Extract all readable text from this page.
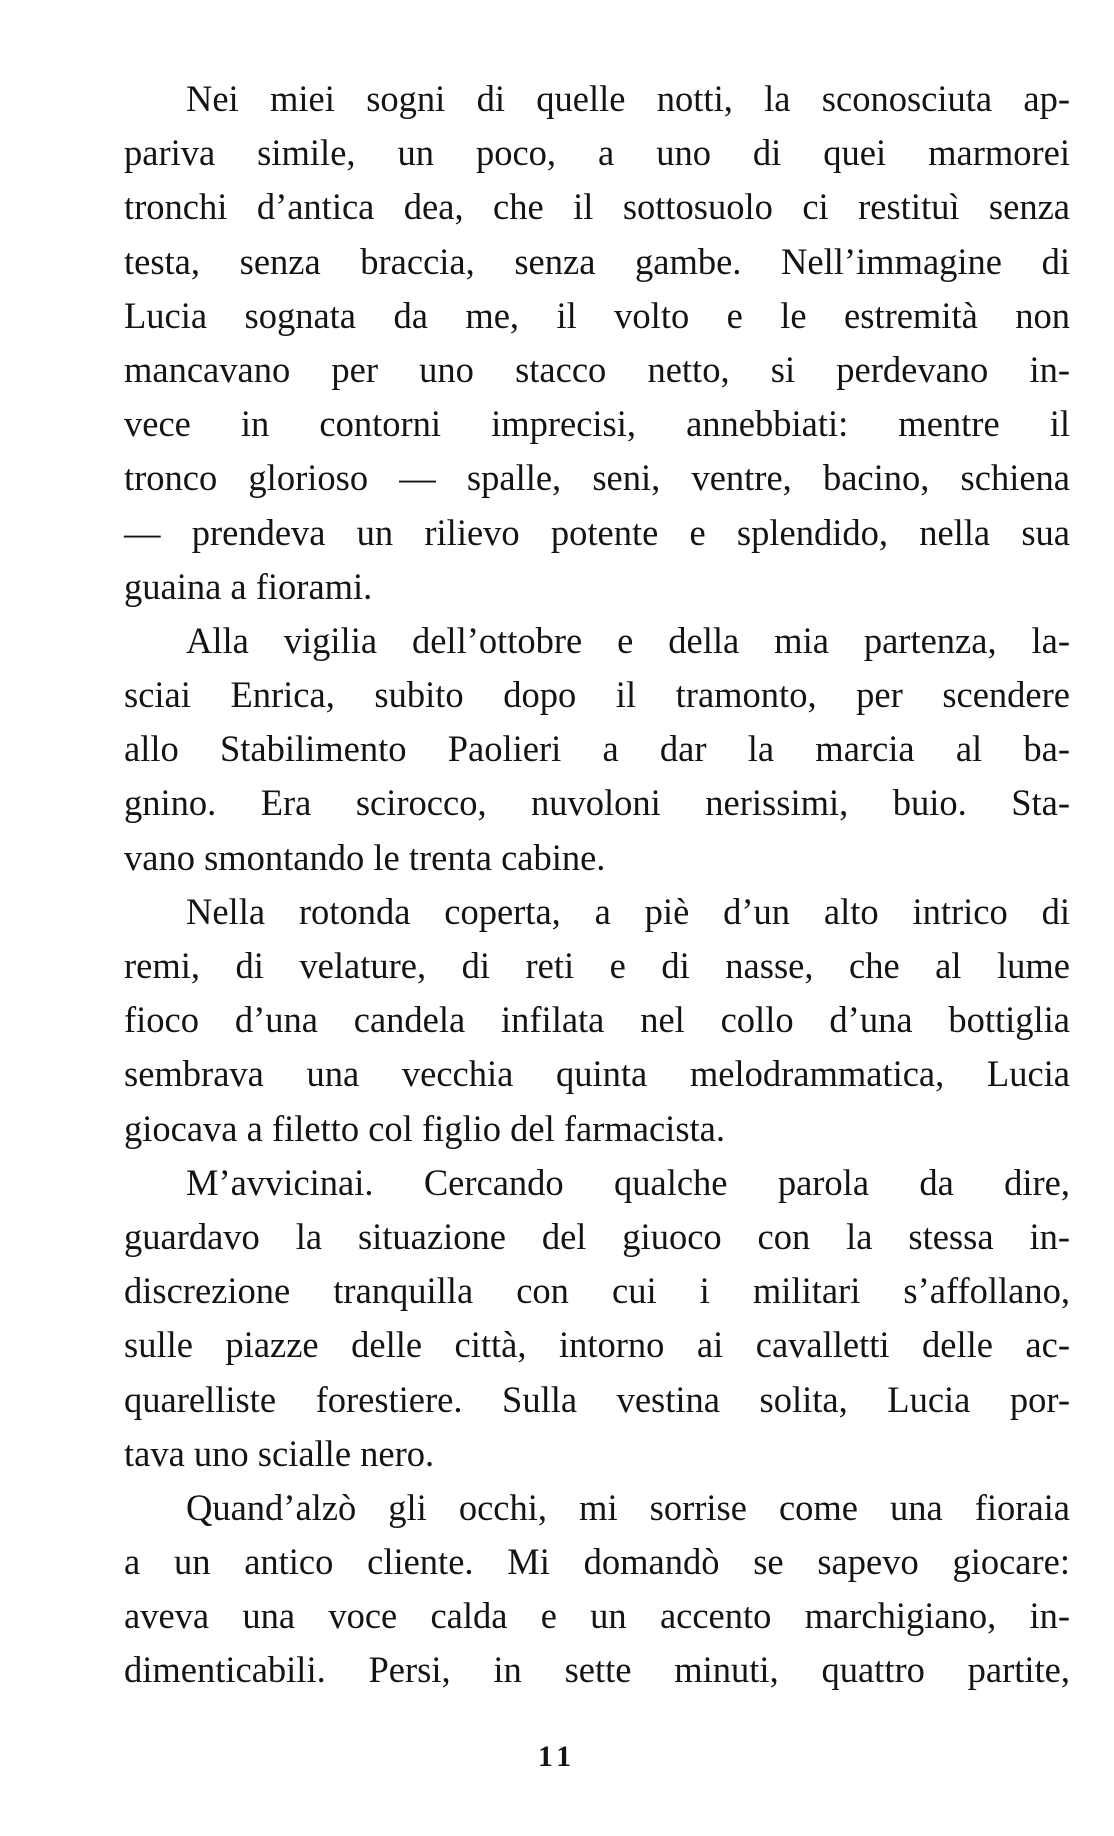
Nei miei sogni di quelle notti, la sconosciuta ap-
pariva simile, un poco, a uno di quei marmorei
tronchi d’antica dea, che il sottosuolo ci restituì senza
testa, senza braccia, senza gambe. Nell’immagine di
Lucia sognata da me, il volto e le estremità non
mancavano per uno stacco netto, si perdevano in-
vece in contorni imprecisi, annebbiati: mentre il
tronco glorioso — spalle, seni, ventre, bacino, schiena
— prendeva un rilievo potente e splendido, nella sua
guaina a fiorami.
Alla vigilia dell’ottobre e della mia partenza, la-
sciai Enrica, subito dopo il tramonto, per scendere
allo Stabilimento Paolieri a dar la marcia al ba-
gnino. Era scirocco, nuvoloni nerissimi, buio. Sta-
vano smontando le trenta cabine.
Nella rotonda coperta, a piè d’un alto intrico di
remi, di velature, di reti e di nasse, che al lume
fioco d’una candela infilata nel collo d’una bottiglia
sembrava una vecchia quinta melodrammatica, Lucia
giocava a filetto col figlio del farmacista.
M’avvicinai. Cercando qualche parola da dire,
guardavo la situazione del giuoco con la stessa in-
discrezione tranquilla con cui i militari s’affollano,
sulle piazze delle città, intorno ai cavalletti delle ac-
quarelliste forestiere. Sulla vestina solita, Lucia por-
tava uno scialle nero.
Quand’alzò gli occhi, mi sorrise come una fioraia
a un antico cliente. Mi domandò se sapevo giocare:
aveva una voce calda e un accento marchigiano, in-
dimenticabili. Persi, in sette minuti, quattro partite,
11
